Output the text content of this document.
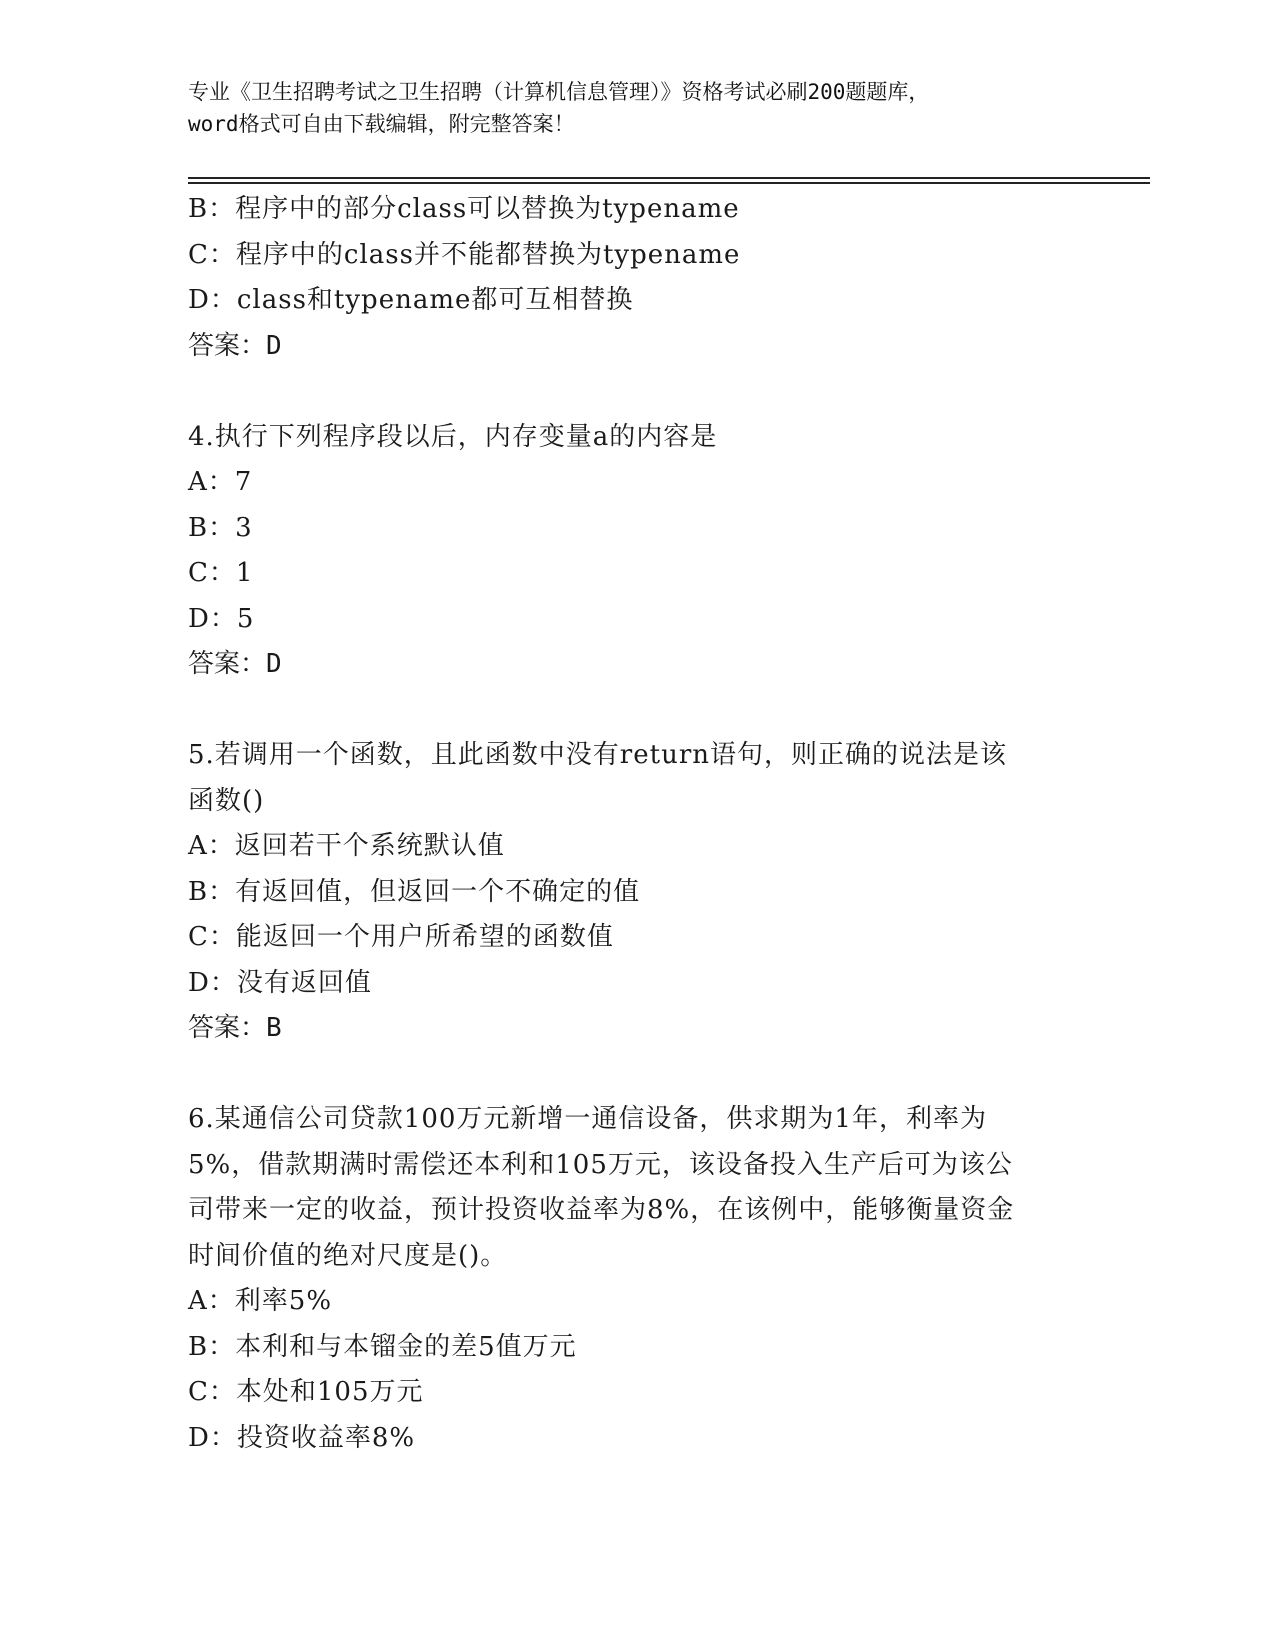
专业《卫生招聘考试之卫生招聘（计算机信息管理）》资格考试必刷200题题库，
word格式可自由下载编辑，附完整答案！
B：程序中的部分class可以替换为typename
C：程序中的class并不能都替换为typename
D：class和typename都可互相替换
答案：D
4.执行下列程序段以后，内存变量a的内容是
A：7
B：3
C：1
D：5
答案：D
5.若调用一个函数，且此函数中没有return语句，则正确的说法是该
函数()
A：返回若干个系统默认值
B：有返回值，但返回一个不确定的值
C：能返回一个用户所希望的函数值
D：没有返回值
答案：B
6.某通信公司贷款100万元新增一通信设备，供求期为1年，利率为
5%，借款期满时需偿还本利和105万元，该设备投入生产后可为该公
司带来一定的收益，预计投资收益率为8%，在该例中，能够衡量资金
时间价值的绝对尺度是()。
A：利率5%
B：本利和与本镏金的差5值万元
C：本处和105万元
D：投资收益率8%
